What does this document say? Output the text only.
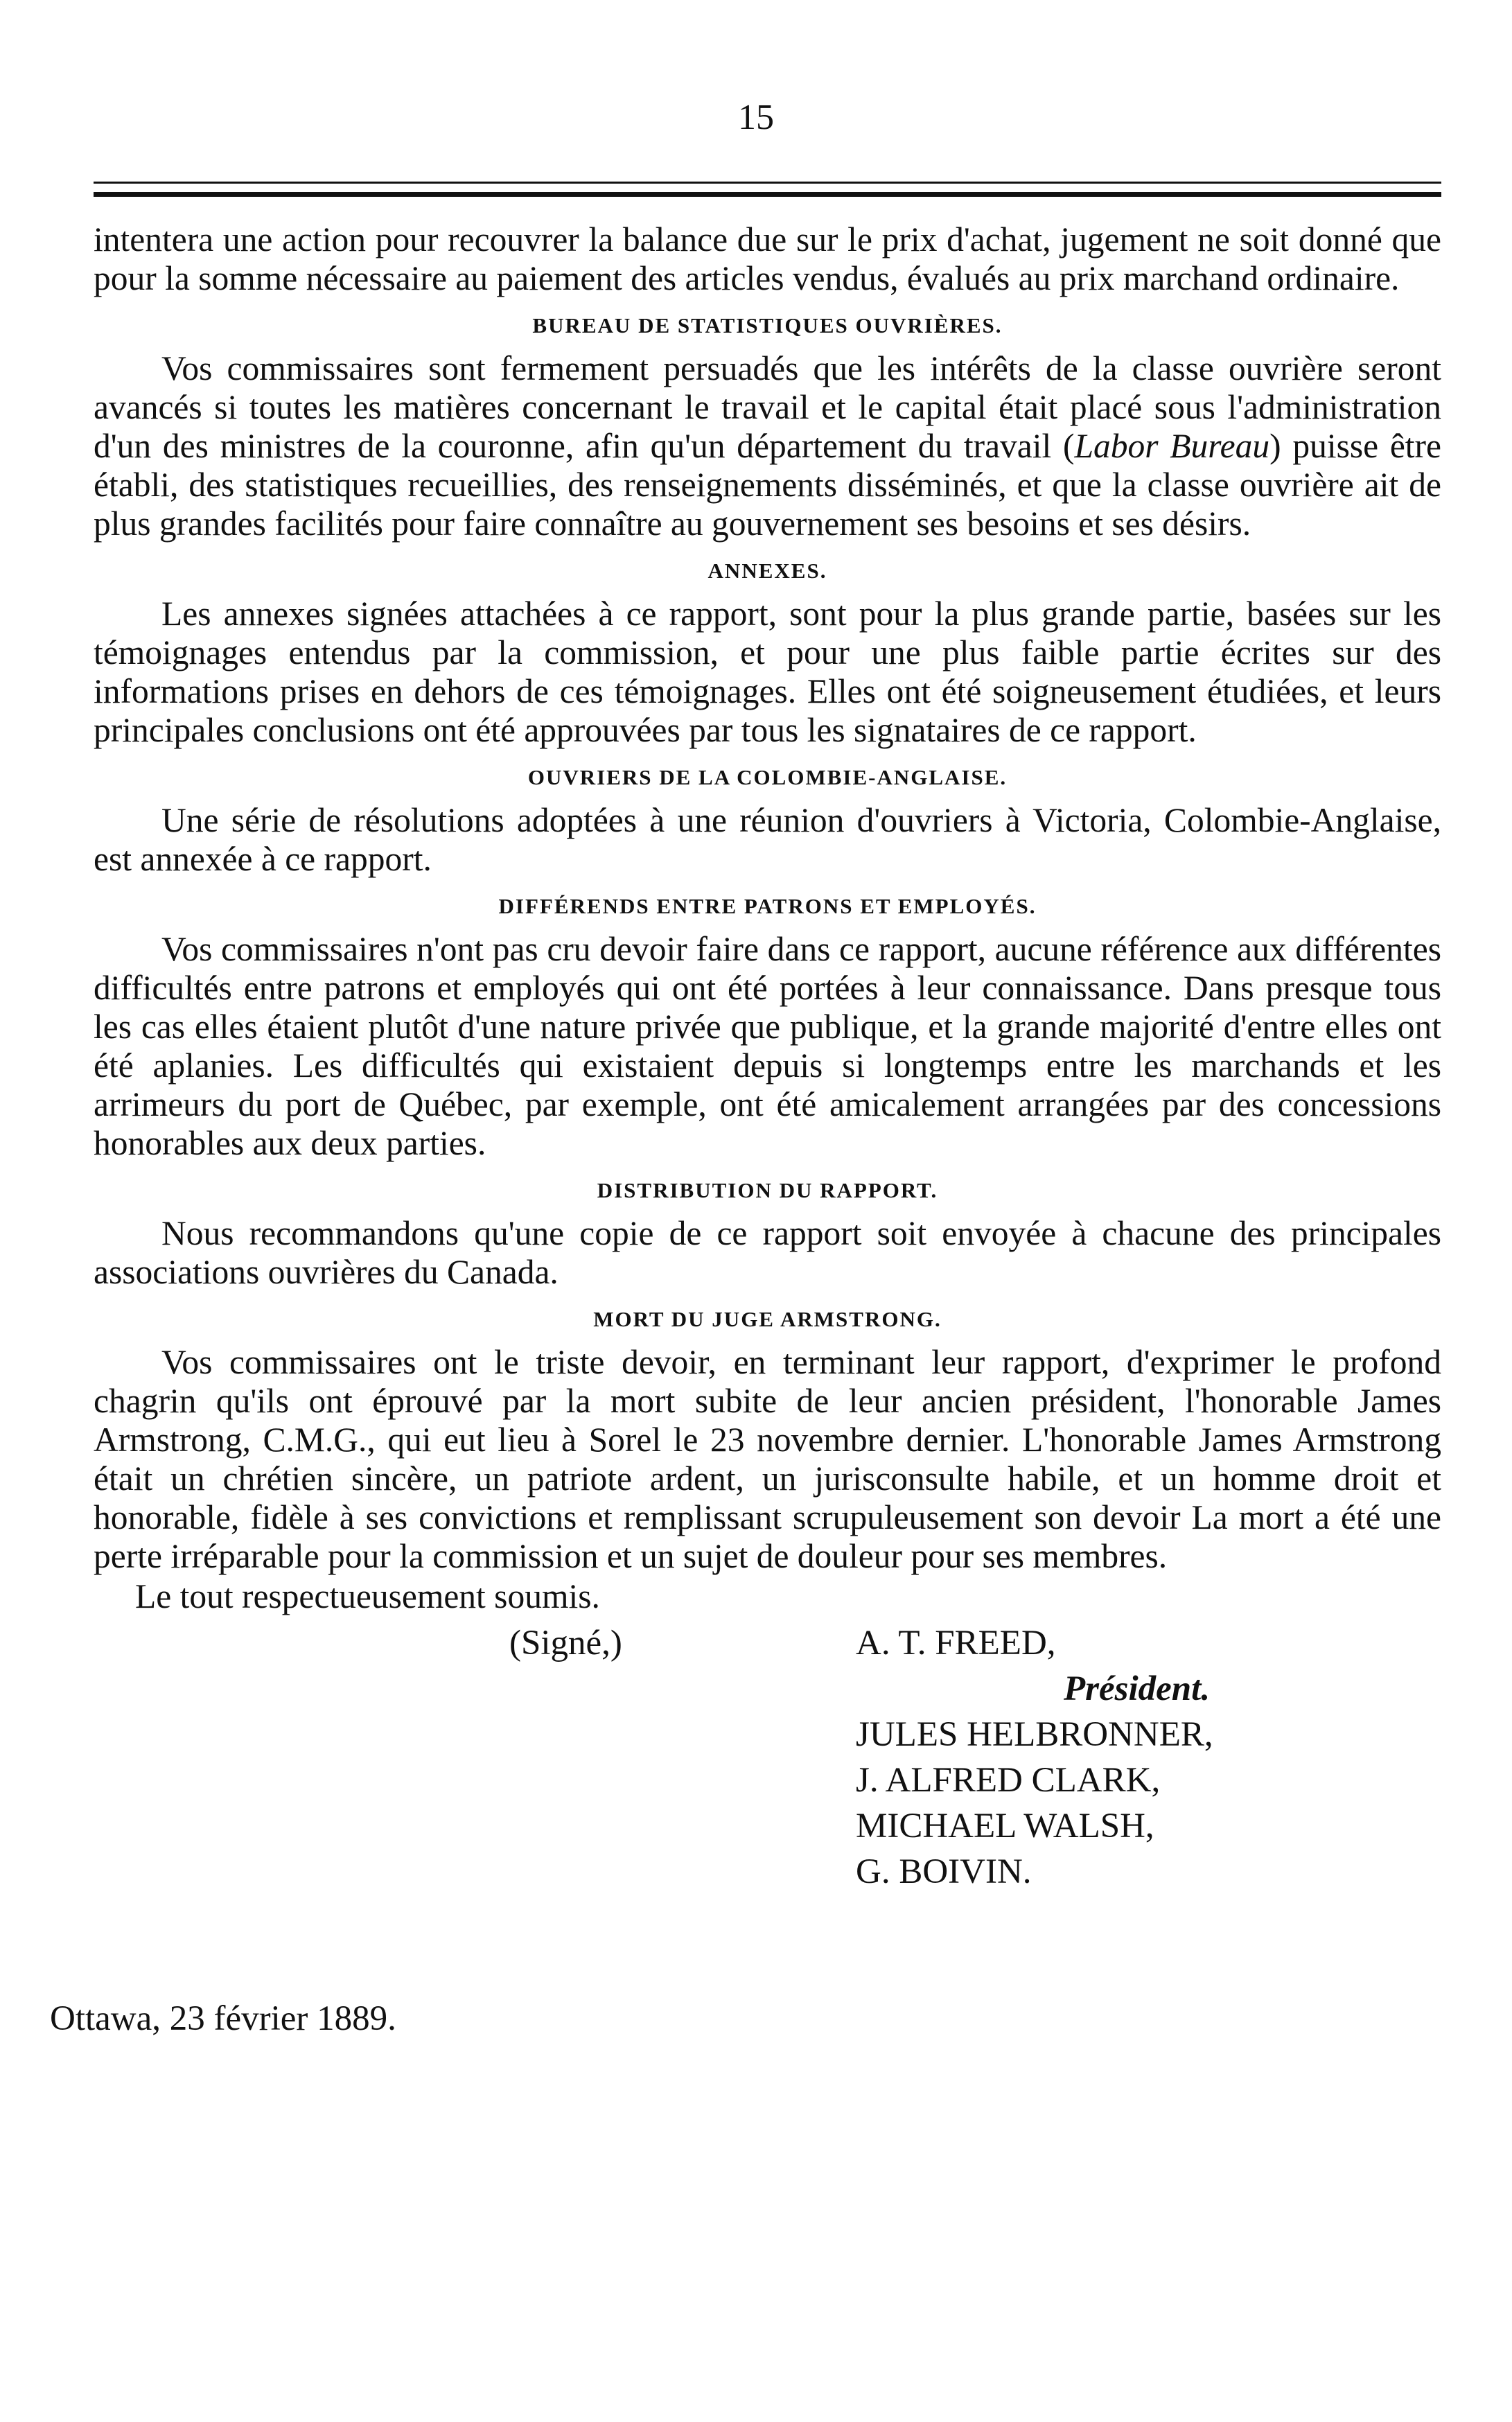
15

intentera une action pour recouvrer la balance due sur le prix d'achat, jugement ne soit donné que pour la somme nécessaire au paiement des articles vendus, évalués au prix marchand ordinaire.

BUREAU DE STATISTIQUES OUVRIÈRES.

Vos commissaires sont fermement persuadés que les intérêts de la classe ouvrière seront avancés si toutes les matières concernant le travail et le capital était placé sous l'administration d'un des ministres de la couronne, afin qu'un département du travail (Labor Bureau) puisse être établi, des statistiques recueillies, des renseignements disséminés, et que la classe ouvrière ait de plus grandes facilités pour faire connaître au gouvernement ses besoins et ses désirs.

ANNEXES.

Les annexes signées attachées à ce rapport, sont pour la plus grande partie, basées sur les témoignages entendus par la commission, et pour une plus faible partie écrites sur des informations prises en dehors de ces témoignages. Elles ont été soigneusement étudiées, et leurs principales conclusions ont été approuvées par tous les signataires de ce rapport.

OUVRIERS DE LA COLOMBIE-ANGLAISE.

Une série de résolutions adoptées à une réunion d'ouvriers à Victoria, Colombie-Anglaise, est annexée à ce rapport.

DIFFÉRENDS ENTRE PATRONS ET EMPLOYÉS.

Vos commissaires n'ont pas cru devoir faire dans ce rapport, aucune référence aux différentes difficultés entre patrons et employés qui ont été portées à leur connaissance. Dans presque tous les cas elles étaient plutôt d'une nature privée que publique, et la grande majorité d'entre elles ont été aplanies. Les difficultés qui existaient depuis si longtemps entre les marchands et les arrimeurs du port de Québec, par exemple, ont été amicalement arrangées par des concessions honorables aux deux parties.

DISTRIBUTION DU RAPPORT.

Nous recommandons qu'une copie de ce rapport soit envoyée à chacune des principales associations ouvrières du Canada.

MORT DU JUGE ARMSTRONG.

Vos commissaires ont le triste devoir, en terminant leur rapport, d'exprimer le profond chagrin qu'ils ont éprouvé par la mort subite de leur ancien président, l'honorable James Armstrong, C.M.G., qui eut lieu à Sorel le 23 novembre dernier. L'honorable James Armstrong était un chrétien sincère, un patriote ardent, un jurisconsulte habile, et un homme droit et honorable, fidèle à ses convictions et remplissant scrupuleusement son devoir La mort a été une perte irréparable pour la commission et un sujet de douleur pour ses membres.

Le tout respectueusement soumis.

(Signé,)	A. T. FREED,
Président.
JULES HELBRONNER,
J. ALFRED CLARK,
MICHAEL WALSH,
G. BOIVIN.
Ottawa, 23 février 1889.
